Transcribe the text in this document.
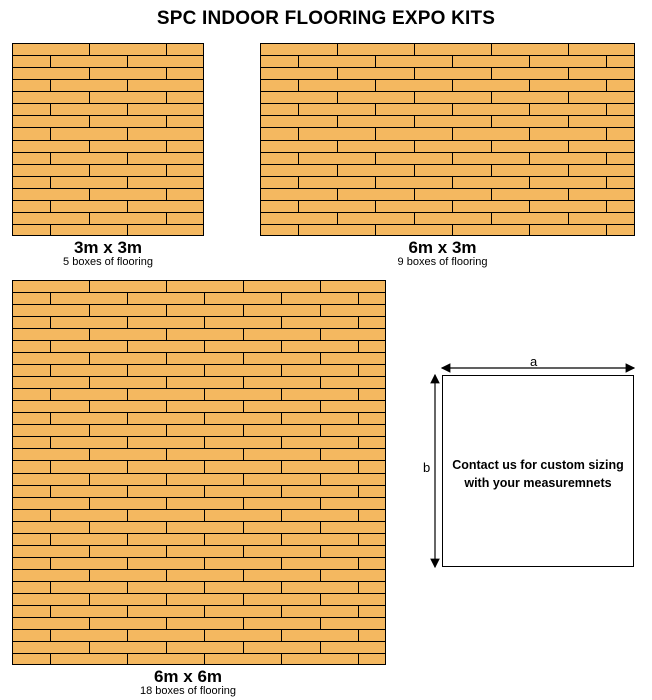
SPC INDOOR FLOORING EXPO KITS
3m x 3m
5 boxes of flooring
6m x 3m
9 boxes of flooring
6m x 6m
18 boxes of flooring
a
b	Contact us for custom sizing
with your measuremnets
